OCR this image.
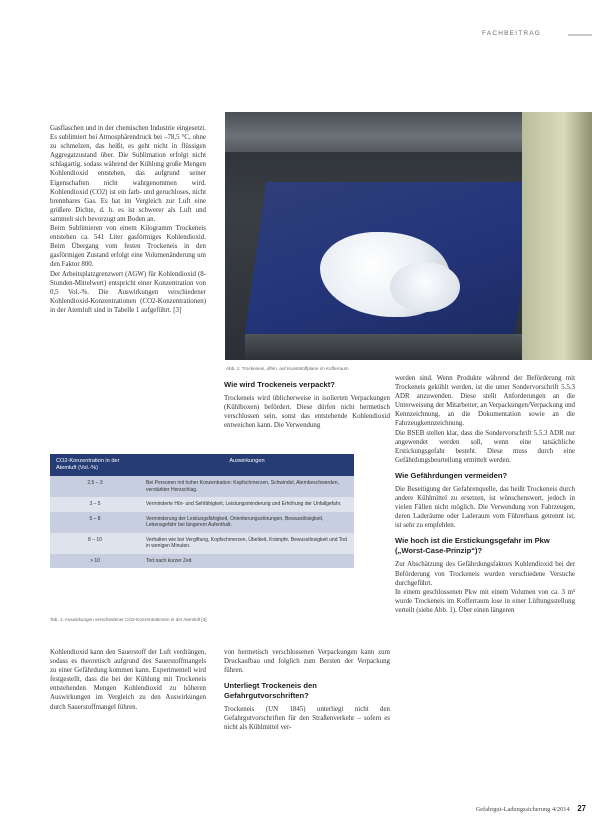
FACHBEITRAG

Gasflaschen und in der chemischen Industrie eingesetzt. Es sublimiert bei Atmosphärendruck bei –78,5 °C, ohne zu schmelzen, das heißt, es geht nicht in flüssigen Aggregatzustand über. Die Sublimation erfolgt nicht schlagartig, sodass während der Kühlung große Mengen Kohlendioxid entstehen, das aufgrund seiner Eigenschaften nicht wahrgenommen wird. Kohlendioxid (CO2) ist ein farb- und geruchloses, nicht brennbares Gas. Es hat im Vergleich zur Luft eine größere Dichte, d. h. es ist schwerer als Luft und sammelt sich bevorzugt am Boden an.

Beim Sublimieren von einem Kilogramm Trockeneis entstehen ca. 541 Liter gasförmiges Kohlendioxid. Beim Übergang vom festen Trockeneis in den gasförmigen Zustand erfolgt eine Volumenänderung um den Faktor 800.

Der Arbeitsplatzgrenzwert (AGW) für Kohlendioxid (8-Stunden-Mittelwert) entspricht einer Konzentration von 0,5 Vol.-%. Die Auswirkungen verschiedener Kohlendioxid-Konzentrationen (CO2-Konzentrationen) in der Atemluft sind in Tabelle 1 aufgeführt. [3]

Abb. 1: Trockeneis, offen, auf Kunststoffplane im Kofferraum
Wie wird Trockeneis verpackt?

Trockeneis wird üblicherweise in isolierten Verpackungen (Kühlboxen) befördert. Diese dürfen nicht hermetisch verschlossen sein, sonst das entstehende Kohlendioxid entweichen kann. Die Verwendung

werden sind. Wenn Produkte während der Beförderung mit Trockeneis gekühlt werden, ist die unter Sondervorschrift 5.5.3 ADR anzuwenden. Diese stellt Anforderungen an die Unterweisung der Mitarbeiter, an Verpackungen/Verpackung und Kennzeichnung, an die Dokumentation sowie an die Fahrzeugkennzeichnung.

Die BSEB stellen klar, dass die Sondervorschrift 5.5.3 ADR nur angewendet werden soll, wenn eine tatsächliche Erstickungsgefahr besteht. Diese muss durch eine Gefährdungsbeurteilung ermittelt werden.

Wie Gefährdungen vermeiden?

Die Beseitigung der Gefahrenquelle, das heißt Trockeneis durch andere Kühlmittel zu ersetzen, ist wünschenswert, jedoch in vielen Fällen nicht möglich. Die Verwendung von Fahrzeugen, deren Laderäume oder Laderaum vom Führerhaus getrennt ist, ist sehr zu empfehlen.

Wie hoch ist die Erstickungsgefahr im Pkw („Worst-Case-Prinzip“)?

Zur Abschätzung des Gefährdungsfaktors Kohlendioxid bei der Beförderung von Trockeneis wurden verschiedene Versuche durchgeführt.

In einem geschlossenen Pkw mit einem Volumen von ca. 3 m³ wurde Trockeneis im Kofferraum lose in einer Lüftungsstellung verteilt (siehe Abb. 1). Über einen längeren

CO2-Konzentration in der Atemluft (Vol.-%)
Auswirkungen
2,5 – 3	Bei Personen mit hoher Konzentration: Kopfschmerzen, Schwindel, Atembeschwerden, verstärkter Herzschlag.
3 – 5	Verminderte Hör- und Sehfähigkeit, Leistungsminderung und Erhöhung der Unfallgefahr.
5 – 8	Verminderung der Leistungsfähigkeit, Orientierungsstörungen, Bewusstlosigkeit, Lebensgefahr bei längerem Aufenthalt.
8 – 10	Verhalten wie bei Vergiftung, Kopfschmerzen, Übelkeit, Krämpfe, Bewusstlosigkeit und Tod in wenigen Minuten.
> 10	Tod nach kurzer Zeit.
Tab. 1: Auswirkungen verschiedener CO2-Konzentrationen in der Atemluft [3]

Kohlendioxid kann den Sauerstoff der Luft verdrängen, sodass es theoretisch aufgrund des Sauerstoffmangels zu einer Gefährdung kommen kann. Experimentell wird festgestellt, dass die bei der Kühlung mit Trockeneis entstehenden Mengen Kohlendioxid zu höheren Auswirkungen im Vergleich zu den Auswirkungen durch Sauerstoffmangel führen.

von hermetisch verschlossenen Verpackungen kann zum Druckaufbau und folglich zum Bersten der Verpackung führen.

Unterliegt Trockeneis den Gefahrgutvorschriften?

Trockeneis (UN 1845) unterliegt nicht den Gefahrgutvorschriften für den Straßenverkehr – sofern es nicht als Kühlmittel ver-

Gefahrgut-Ladungssicherung 4/2014 27
